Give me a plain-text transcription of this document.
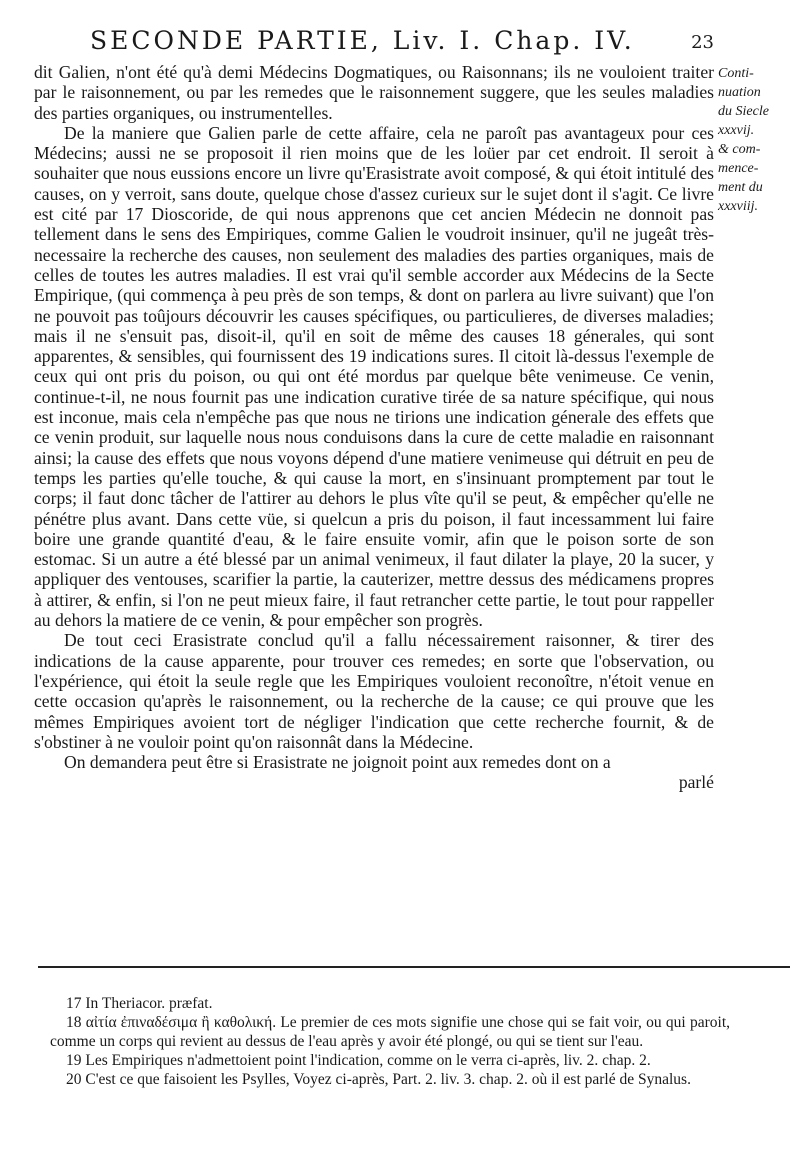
SECONDE PARTIE, Liv. I. Chap. IV.	23
Conti-
nuation
du Siecle
xxxvij.
& com-
mence-
ment du
xxxviij.

dit Galien, n'ont été qu'à demi Médecins Dogmatiques, ou Raisonnans; ils ne vouloient traiter par le raisonnement, ou par les remedes que le raisonnement suggere, que les seules maladies des parties organiques, ou instrumentelles.

De la maniere que Galien parle de cette affaire, cela ne paroît pas avantageux pour ces Médecins; aussi ne se proposoit il rien moins que de les loüer par cet endroit. Il seroit à souhaiter que nous eussions encore un livre qu'Erasistrate avoit composé, & qui étoit intitulé des causes, on y verroit, sans doute, quelque chose d'assez curieux sur le sujet dont il s'agit. Ce livre est cité par 17 Dioscoride, de qui nous apprenons que cet ancien Médecin ne donnoit pas tellement dans le sens des Empiriques, comme Galien le voudroit insinuer, qu'il ne jugeât très-necessaire la recherche des causes, non seulement des maladies des parties organiques, mais de celles de toutes les autres maladies. Il est vrai qu'il semble accorder aux Médecins de la Secte Empirique, (qui commença à peu près de son temps, & dont on parlera au livre suivant) que l'on ne pouvoit pas toûjours découvrir les causes spécifiques, ou particulieres, de diverses maladies; mais il ne s'ensuit pas, disoit-il, qu'il en soit de même des causes 18 génerales, qui sont apparentes, & sensibles, qui fournissent des 19 indications sures. Il citoit là-dessus l'exemple de ceux qui ont pris du poison, ou qui ont été mordus par quelque bête venimeuse. Ce venin, continue-t-il, ne nous fournit pas une indication curative tirée de sa nature spécifique, qui nous est inconue, mais cela n'empêche pas que nous ne tirions une indication génerale des effets que ce venin produit, sur laquelle nous nous conduisons dans la cure de cette maladie en raisonnant ainsi; la cause des effets que nous voyons dépend d'une matiere venimeuse qui détruit en peu de temps les parties qu'elle touche, & qui cause la mort, en s'insinuant promptement par tout le corps; il faut donc tâcher de l'attirer au dehors le plus vîte qu'il se peut, & empêcher qu'elle ne pénétre plus avant. Dans cette vüe, si quelcun a pris du poison, il faut incessamment lui faire boire une grande quantité d'eau, & le faire ensuite vomir, afin que le poison sorte de son estomac. Si un autre a été blessé par un animal venimeux, il faut dilater la playe, 20 la sucer, y appliquer des ventouses, scarifier la partie, la cauterizer, mettre dessus des médicamens propres à attirer, & enfin, si l'on ne peut mieux faire, il faut retrancher cette partie, le tout pour rappeller au dehors la matiere de ce venin, & pour empêcher son progrès.

De tout ceci Erasistrate conclud qu'il a fallu nécessairement raisonner, & tirer des indications de la cause apparente, pour trouver ces remedes; en sorte que l'observation, ou l'expérience, qui étoit la seule regle que les Empiriques vouloient reconoître, n'étoit venue en cette occasion qu'après le raisonnement, ou la recherche de la cause; ce qui prouve que les mêmes Empiriques avoient tort de négliger l'indication que cette recherche fournit, & de s'obstiner à ne vouloir point qu'on raisonnât dans la Médecine.

On demandera peut être si Erasistrate ne joignoit point aux remedes dont on a

parlé

17 In Theriacor. præfat.

18 αἰτία ἐπιναδέσιμα ἢ καθολική. Le premier de ces mots signifie une chose qui se fait voir, ou qui paroit, comme un corps qui revient au dessus de l'eau après y avoir été plongé, ou qui se tient sur l'eau.

19 Les Empiriques n'admettoient point l'indication, comme on le verra ci-après, liv. 2. chap. 2.

20 C'est ce que faisoient les Psylles, Voyez ci-après, Part. 2. liv. 3. chap. 2. où il est parlé de Synalus.
